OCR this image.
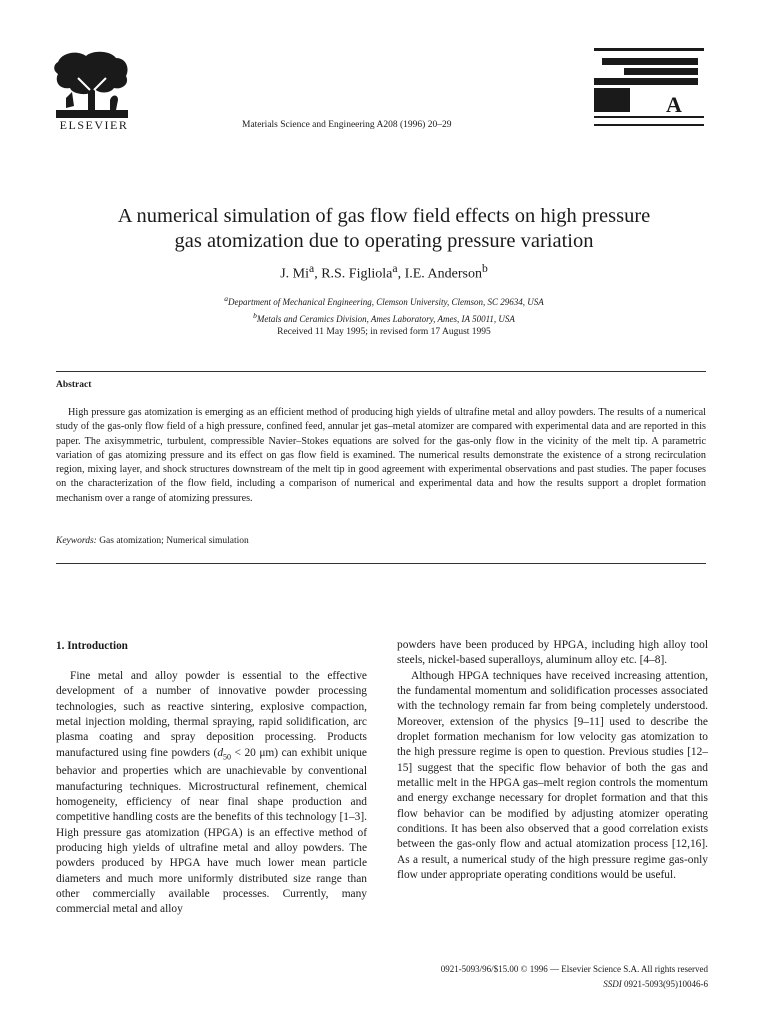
ELSEVIER	Materials Science and Engineering A208 (1996) 20–29
A
A numerical simulation of gas flow field effects on high pressure
gas atomization due to operating pressure variation
J. Mi$^a$, R.S. Figliola$^a$, I.E. Anderson$^b$
$^a$Department of Mechanical Engineering, Clemson University, Clemson, SC 29634, USA
$^b$Metals and Ceramics Division, Ames Laboratory, Ames, IA 50011, USA
Received 11 May 1995; in revised form 17 August 1995
Abstract

High pressure gas atomization is emerging as an efficient method of producing high yields of ultrafine metal and alloy powders. The results of a numerical study of the gas-only flow field of a high pressure, confined feed, annular jet gas–metal atomizer are compared with experimental data and are reported in this paper. The axisymmetric, turbulent, compressible Navier–Stokes equations are solved for the gas-only flow in the vicinity of the melt tip. A parametric variation of gas atomizing pressure and its effect on gas flow field is examined. The numerical results demonstrate the existence of a strong recirculation region, mixing layer, and shock structures downstream of the melt tip in good agreement with experimental observations and past studies. The paper focuses on the characterization of the flow field, including a comparison of numerical and experimental data and how the results support a droplet formation mechanism over a range of atomizing pressures.

Keywords: Gas atomization; Numerical simulation
1. Introduction

Fine metal and alloy powder is essential to the effective development of a number of innovative powder processing technologies, such as reactive sintering, explosive compaction, metal injection molding, thermal spraying, rapid solidification, arc plasma coating and spray deposition processing. Products manufactured using fine powders ($d_{50} < 20$ μm) can exhibit unique behavior and properties which are unachievable by conventional manufacturing techniques. Microstructural refinement, chemical homogeneity, efficiency of near final shape production and competitive handling costs are the benefits of this technology [1–3]. High pressure gas atomization (HPGA) is an effective method of producing high yields of ultrafine metal and alloy powders. The powders produced by HPGA have much lower mean particle diameters and much more uniformly distributed size range than other commercially available processes. Currently, many commercial metal and alloy

powders have been produced by HPGA, including high alloy tool steels, nickel-based superalloys, aluminum alloy etc. [4–8].

Although HPGA techniques have received increasing attention, the fundamental momentum and solidification processes associated with the technology remain far from being completely understood. Moreover, extension of the physics [9–11] used to describe the droplet formation mechanism for low velocity gas atomization to the high pressure regime is open to question. Previous studies [12–15] suggest that the specific flow behavior of both the gas and metallic melt in the HPGA gas–melt region controls the momentum and energy exchange necessary for droplet formation and that this flow behavior can be modified by adjusting atomizer operating conditions. It has been also observed that a good correlation exists between the gas-only flow and actual atomization process [12,16]. As a result, a numerical study of the high pressure regime gas-only flow under appropriate operating conditions would be useful.

0921-5093/96/$15.00 © 1996 — Elsevier Science S.A. All rights reserved
SSDI 0921-5093(95)10046-6
